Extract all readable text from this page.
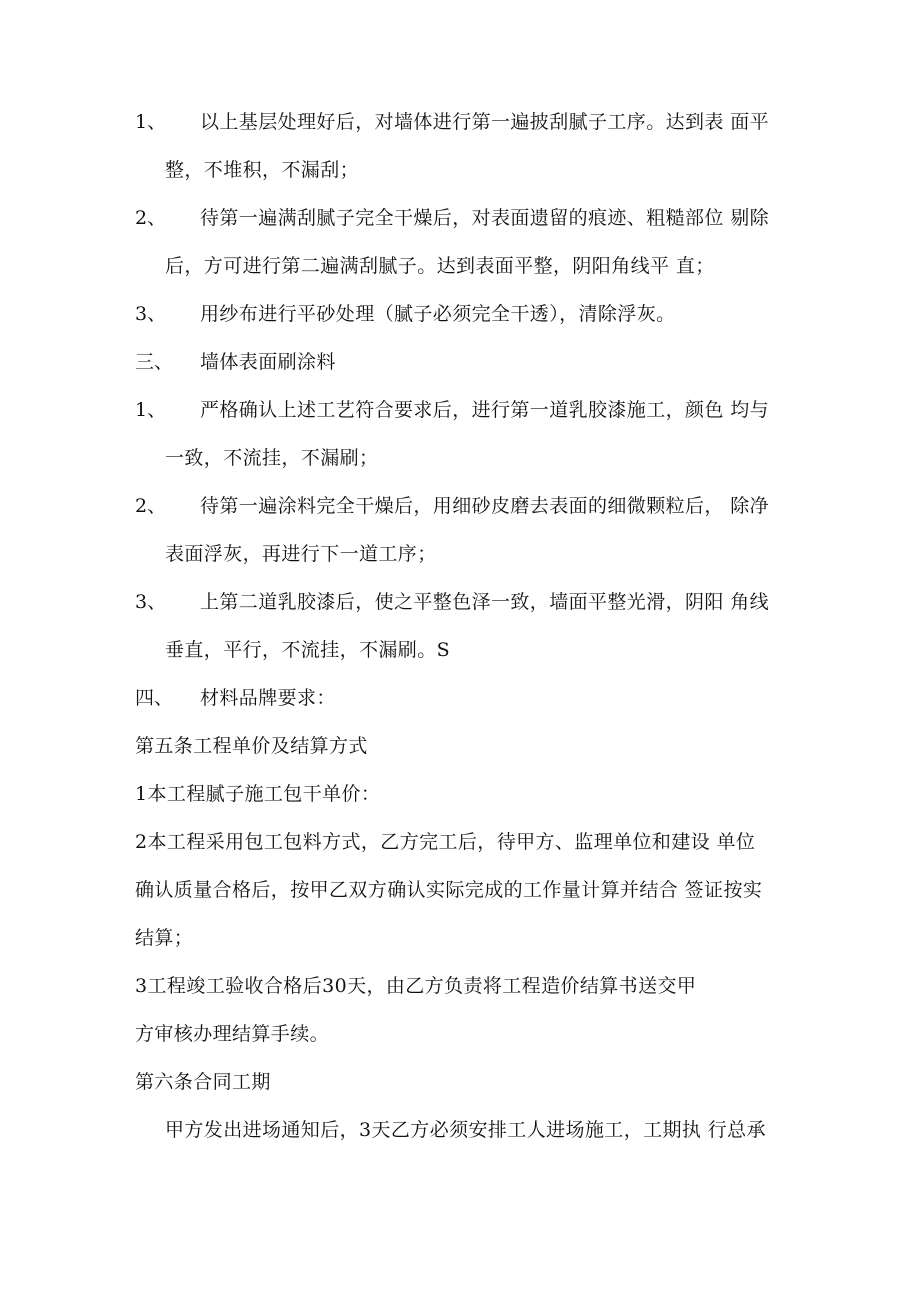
1、 以上基层处理好后，对墙体进行第一遍披刮腻子工序。达到表 面平
整，不堆积，不漏刮；
2、 待第一遍满刮腻子完全干燥后，对表面遗留的痕迹、粗糙部位 剔除
后，方可进行第二遍满刮腻子。达到表面平整，阴阳角线平 直；
3、 用纱布进行平砂处理（腻子必须完全干透），清除浮灰。
三、 墙体表面刷涂料
1、 严格确认上述工艺符合要求后，进行第一道乳胶漆施工，颜色 均与
一致，不流挂，不漏刷；
2、 待第一遍涂料完全干燥后，用细砂皮磨去表面的细微颗粒后， 除净
表面浮灰，再进行下一道工序；
3、 上第二道乳胶漆后，使之平整色泽一致，墙面平整光滑，阴阳 角线
垂直，平行，不流挂，不漏刷。S
四、 材料品牌要求：
第五条工程单价及结算方式
1本工程腻子施工包干单价：
2本工程采用包工包料方式，乙方完工后，待甲方、监理单位和建设 单位
确认质量合格后，按甲乙双方确认实际完成的工作量计算并结合 签证按实
结算；
3工程竣工验收合格后30天，由乙方负责将工程造价结算书送交甲
方审核办理结算手续。
第六条合同工期
甲方发出进场通知后，3天乙方必须安排工人进场施工，工期执 行总承
